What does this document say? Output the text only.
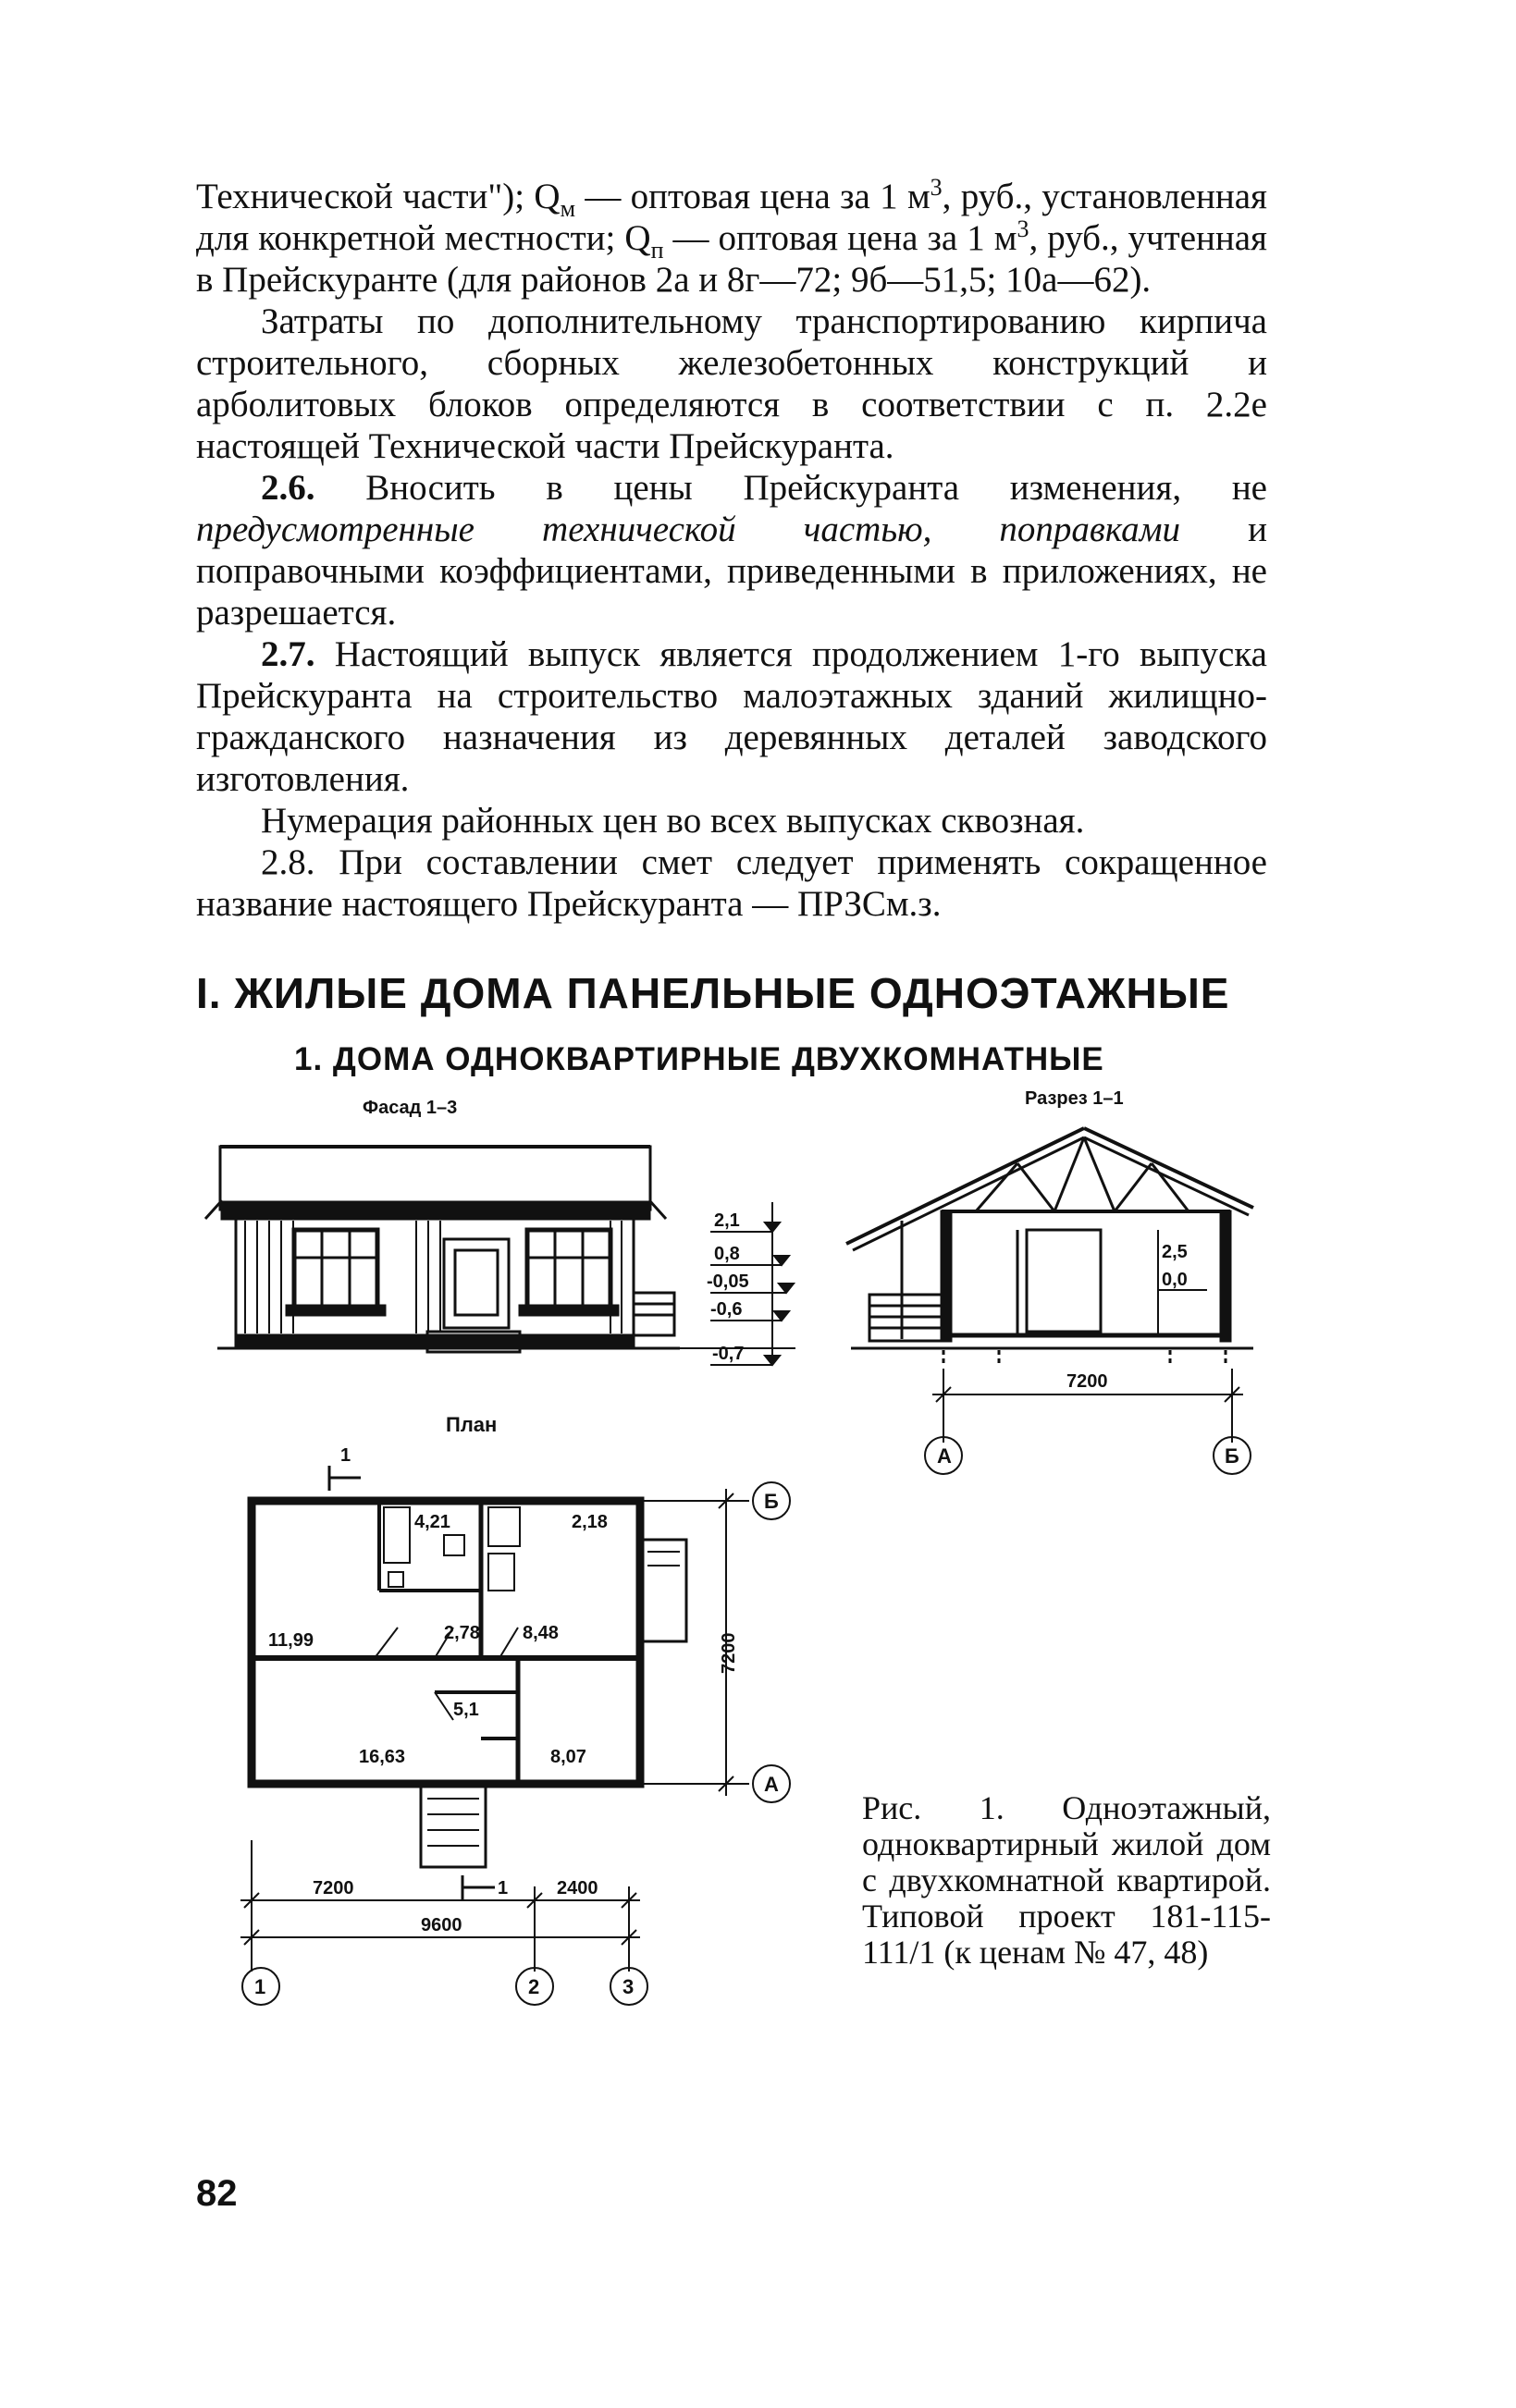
Технической части"); $Q_м$ — оптовая цена за 1 $м^3$, руб., установленная для конкретной местности; $Q_п$ — оптовая цена за 1 $м^3$, руб., учтенная в Прейскуранте (для районов 2а и 8г—72; 9б—51,5; 10а—62).

Затраты по дополнительному транспортированию кирпича строительного, сборных железобетонных конструкций и арболитовых блоков определяются в соответствии с п. 2.2е настоящей Технической части Прейскуранта.

2.6. Вносить в цены Прейскуранта изменения, не предусмотренные технической частью, поправками и поправочными коэффициентами, приведенными в приложениях, не разрешается.

2.7. Настоящий выпуск является продолжением 1-го выпуска Прейскуранта на строительство малоэтажных зданий жилищно-гражданского назначения из деревянных деталей заводского изготовления.

Нумерация районных цен во всех выпусках сквозная.

2.8. При составлении смет следует применять сокращенное название настоящего Прейскуранта — ПРЗСм.з.

I. ЖИЛЫЕ ДОМА ПАНЕЛЬНЫЕ ОДНОЭТАЖНЫЕ
1. ДОМА ОДНОКВАРТИРНЫЕ ДВУХКОМНАТНЫЕ
Фасад 1–3	Разрез 1–1
План
2,1
0,8
-0,05
-0,6
-0,7
2,5
0,0
7200
А	Б
1
1
4,21	2,18
11,99	2,78 8,48
5,1
16,63	8,07
7200
Б
А
7200	2400
9600
1	2	3

Рис. 1. Одноэтажный, одноквартирный жилой дом с двухкомнатной квартирой. Типовой проект 181-115-111/1 (к ценам № 47, 48)

82
